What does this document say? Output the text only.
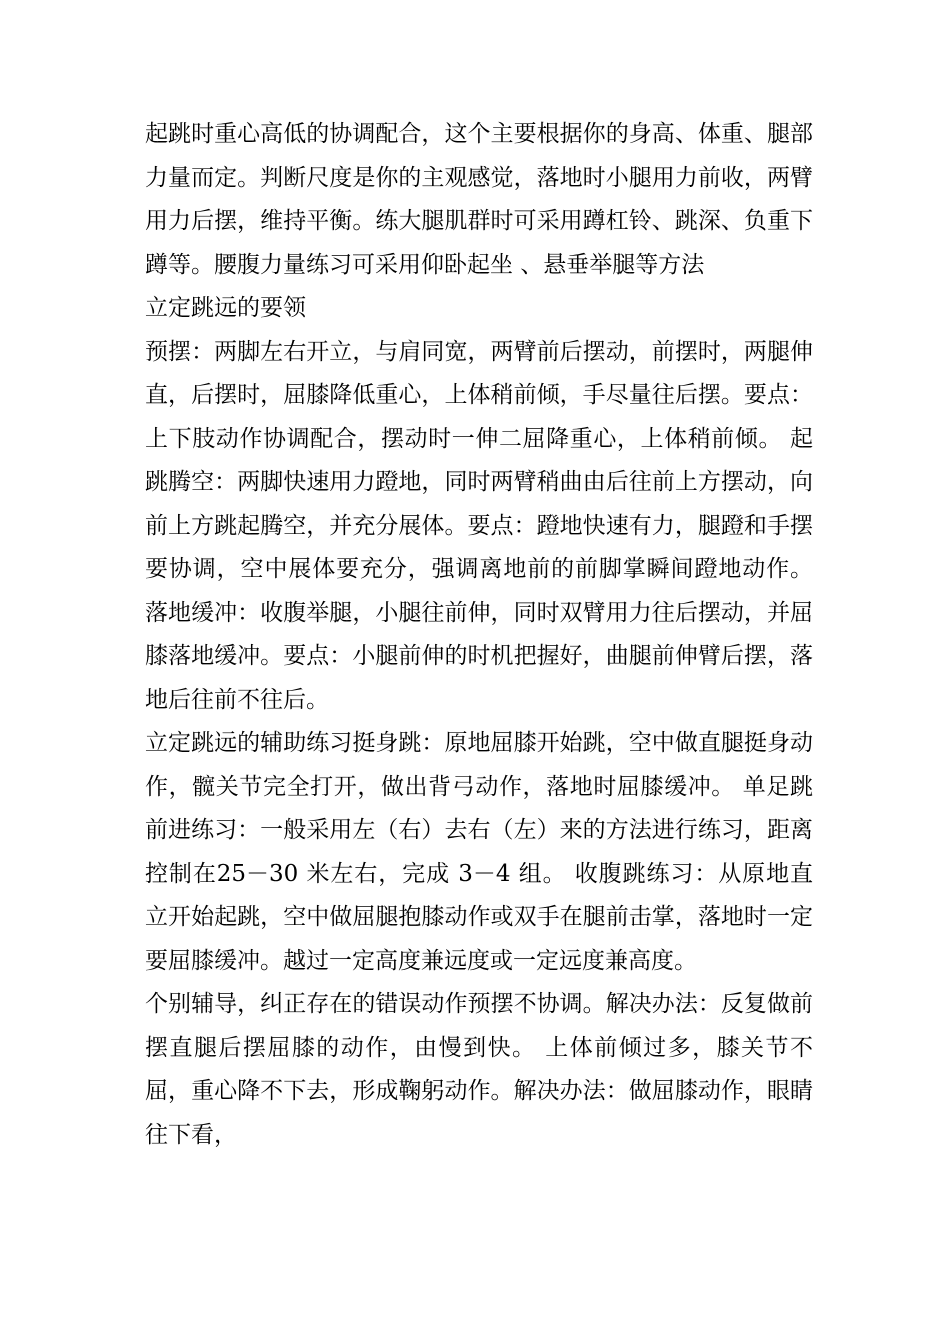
起跳时重心高低的协调配合，这个主要根据你的身高、体重、腿部力量而定。判断尺度是你的主观感觉，落地时小腿用力前收，两臂用力后摆，维持平衡。练大腿肌群时可采用蹲杠铃、跳深、负重下蹲等。腰腹力量练习可采用仰卧起坐 、悬垂举腿等方法

立定跳远的要领

预摆：两脚左右开立，与肩同宽，两臂前后摆动，前摆时，两腿伸直，后摆时，屈膝降低重心，上体稍前倾，手尽量往后摆。要点：上下肢动作协调配合，摆动时一伸二屈降重心，上体稍前倾。 起跳腾空：两脚快速用力蹬地，同时两臂稍曲由后往前上方摆动，向前上方跳起腾空，并充分展体。要点：蹬地快速有力，腿蹬和手摆要协调，空中展体要充分，强调离地前的前脚掌瞬间蹬地动作。 落地缓冲：收腹举腿，小腿往前伸，同时双臂用力往后摆动，并屈膝落地缓冲。要点：小腿前伸的时机把握好，曲腿前伸臂后摆，落地后往前不往后。

立定跳远的辅助练习挺身跳：原地屈膝开始跳，空中做直腿挺身动作，髋关节完全打开，做出背弓动作，落地时屈膝缓冲。 单足跳前进练习：一般采用左（右）去右（左）来的方法进行练习，距离控制在25－30 米左右，完成 3－4 组。 收腹跳练习：从原地直立开始起跳，空中做屈腿抱膝动作或双手在腿前击掌，落地时一定要屈膝缓冲。越过一定高度兼远度或一定远度兼高度。

个别辅导，纠正存在的错误动作预摆不协调。解决办法：反复做前摆直腿后摆屈膝的动作，由慢到快。 上体前倾过多，膝关节不屈，重心降不下去，形成鞠躬动作。解决办法：做屈膝动作，眼睛往下看，
